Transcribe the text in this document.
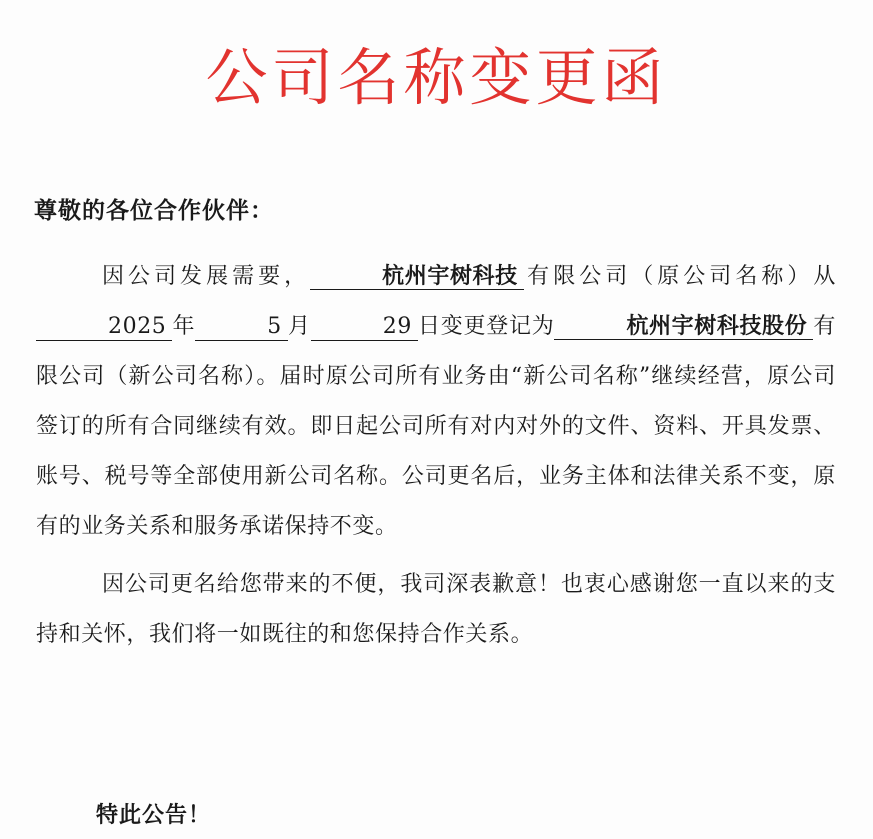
公司名称变更函

尊敬的各位合作伙伴：

因公司发展需要，	杭州宇树科技 有限公司（原公司名称）从2025 年	5 月	29 日变更登记为	杭州宇树科技股份 有限公司（新公司名称）。届时原公司所有业务由“新公司名称”继续经营，原公司签订的所有合同继续有效。即日起公司所有对内对外的文件、资料、开具发票、账号、税号等全部使用新公司名称。公司更名后，业务主体和法律关系不变，原有的业务关系和服务承诺保持不变。

因公司更名给您带来的不便，我司深表歉意！也衷心感谢您一直以来的支持和关怀，我们将一如既往的和您保持合作关系。

特此公告！
